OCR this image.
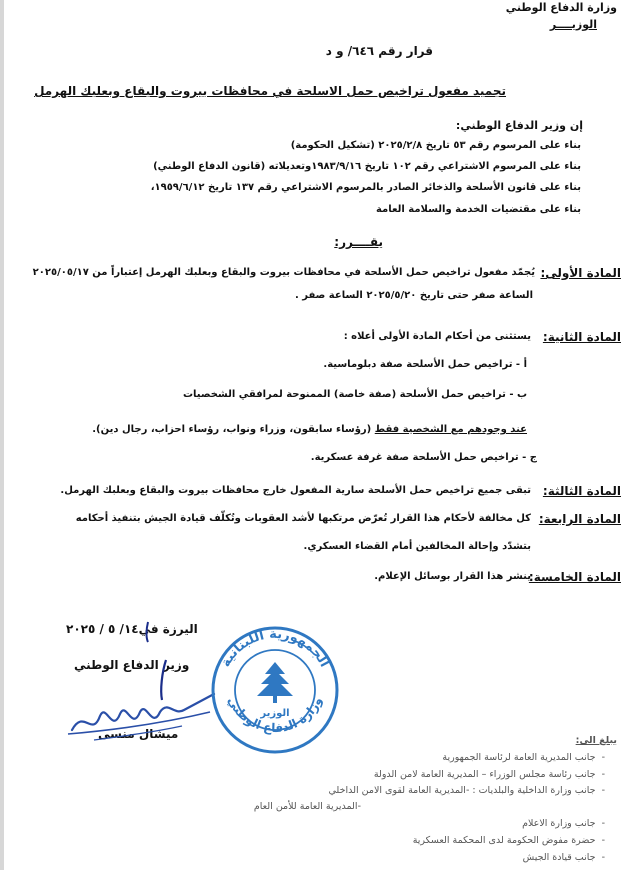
وزارة الدفاع الوطني
الوزيــــر
قرار رقم ٦٤٦/ و د
تجميد مفعول تراخيص حمل الاسلحة في محافظات بيروت والبقاع وبعلبك الهرمل
إن وزير الدفاع الوطني:
بناء على المرسوم رقم ٥٣ تاريخ ٢٠٢٥/٢/٨ (تشكيل الحكومة)
بناء على المرسوم الاشتراعي رقم ١٠٢ تاريخ ١٩٨٣/٩/١٦وتعديلاته (قانون الدفاع الوطني)
بناء على قانون الأسلحة والذخائر الصادر بالمرسوم الاشتراعي رقم ١٣٧ تاريخ ١٩٥٩/٦/١٢،
بناء على مقتضيات الخدمة والسلامة العامة
يقــــرر:
المادة الأولى:
يُجمّد مفعول تراخيص حمل الأسلحة في محافظات بيروت والبقاع وبعلبك الهرمل إعتباراً من ٢٠٢٥/٠٥/١٧
الساعة صفر حتى تاريخ ٢٠٢٥/٥/٢٠ الساعة صفر .
المادة الثانية:
يستثنى من أحكام المادة الأولى أعلاه :
أ - تراخيص حمل الأسلحة صفة دبلوماسية.
ب - تراخيص حمل الأسلحة (صفة خاصة) الممنوحة لمرافقي الشخصيات
عند وجودهم مع الشخصية فقط (رؤساء سابقون، وزراء ونواب، رؤساء احزاب، رجال دين).
ج - تراخيص حمل الأسلحة صفة غرفة عسكرية.
المادة الثالثة:
تبقى جميع تراخيص حمل الأسلحة سارية المفعول خارج محافظات بيروت والبقاع وبعلبك الهرمل.
المادة الرابعة:
كل مخالفة لأحكام هذا القرار تُعرّض مرتكبها لأشد العقوبات وتُكلّف قيادة الجيش بتنفيذ أحكامه
بتشدّد وإحالة المخالفين أمام القضاء العسكري.
المادة الخامسة:
ينشر هذا القرار بوسائل الإعلام.
اليرزة في١٤/ ٥ / ٢٠٢٥
وزير الدفاع الوطني
ميشال منسى
الجمهورية اللبنانية
وزارة الدفاع الوطني
الوزير
يبلغ الى:
-  جانب المديرية العامة لرئاسة الجمهورية
-  جانب رئاسة مجلس الوزراء – المديرية العامة لامن الدولة
-  جانب وزارة الداخلية والبلديات : -المديرية العامة لقوى الامن الداخلي
-المديرية العامة للأمن العام
-  جانب وزارة الاعلام
-  حضرة مفوض الحكومة لدى المحكمة العسكرية
-  جانب قيادة الجيش
